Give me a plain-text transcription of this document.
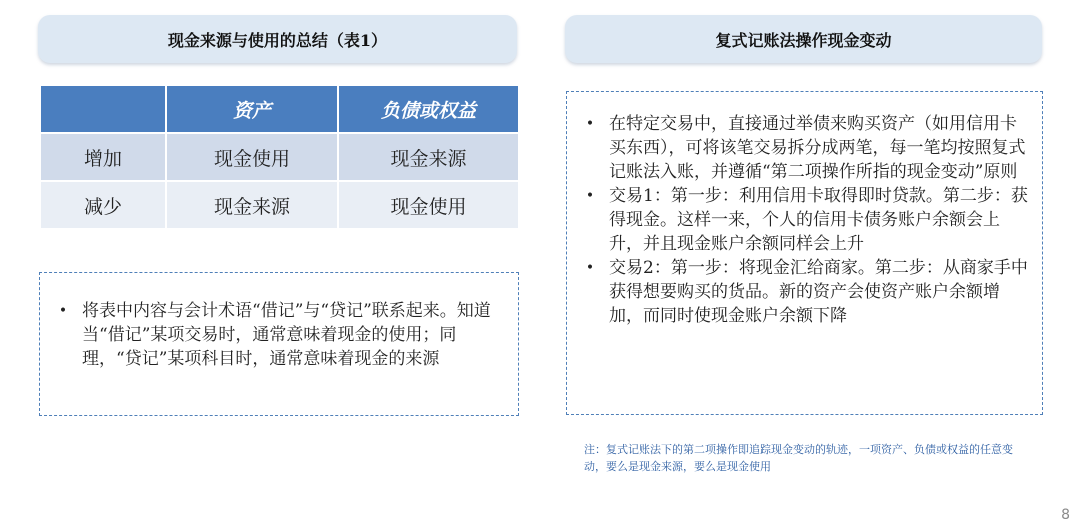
现金来源与使用的总结（表1）	复式记账法操作现金变动
	资产	负债或权益
增加	现金使用	现金来源
减少	现金来源	现金使用
• 将表中内容与会计术语“借记”与“贷记”联系起来。知道当“借记”某项交易时，通常意味着现金的使用；同理，“贷记”某项科目时，通常意味着现金的来源
• 在特定交易中，直接通过举债来购买资产（如用信用卡买东西），可将该笔交易拆分成两笔，每一笔均按照复式记账法入账，并遵循“第二项操作所指的现金变动”原则
• 交易1：第一步：利用信用卡取得即时贷款。第二步：获得现金。这样一来，个人的信用卡债务账户余额会上升，并且现金账户余额同样会上升
• 交易2：第一步：将现金汇给商家。第二步：从商家手中获得想要购买的货品。新的资产会使资产账户余额增加，而同时使现金账户余额下降
注：复式记账法下的第二项操作即追踪现金变动的轨迹，一项资产、负债或权益的任意变动，要么是现金来源，要么是现金使用
8
